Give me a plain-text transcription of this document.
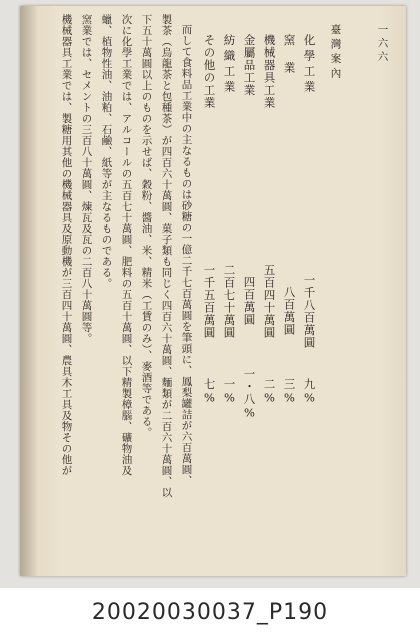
臺灣案內	一六六
化學工業
一千八百萬圓
九%
窯業
八百萬圓
三%
機械器具工業
五百四十萬圓
二%
金屬品工業
四百萬圓
一・八%
紡織工業
二百七十萬圓
一%
その他の工業
一千五百萬圓
七%
而して食料品工業中の主なるものは砂糖の一億二千七百萬圓を筆頭に、鳳梨罐詰が六百萬圓、
製茶（烏龍茶と包種茶）が四百六十萬圓、菓子類も同じく四百六十萬圓、麵類が二百六十萬圓、以
下五十萬圓以上のものを示せば、穀粉、醬油、米、精米（工賃のみ）、麥酒等である。
次に化學工業では、アルコールの五百七十萬圓、肥料の五百十萬圓、以下精製樟腦、礦物油及
蠟、植物性油、油粕、石鹼、紙等が主なるものである。
窯業では、セメントの三百八十萬圓、煉瓦及瓦の二百八十萬圓等。
機械器具工業では、製糖用其他の機械器具及原動機が三百四十萬圓、農具木工具及物その他が
20020030037_P190
